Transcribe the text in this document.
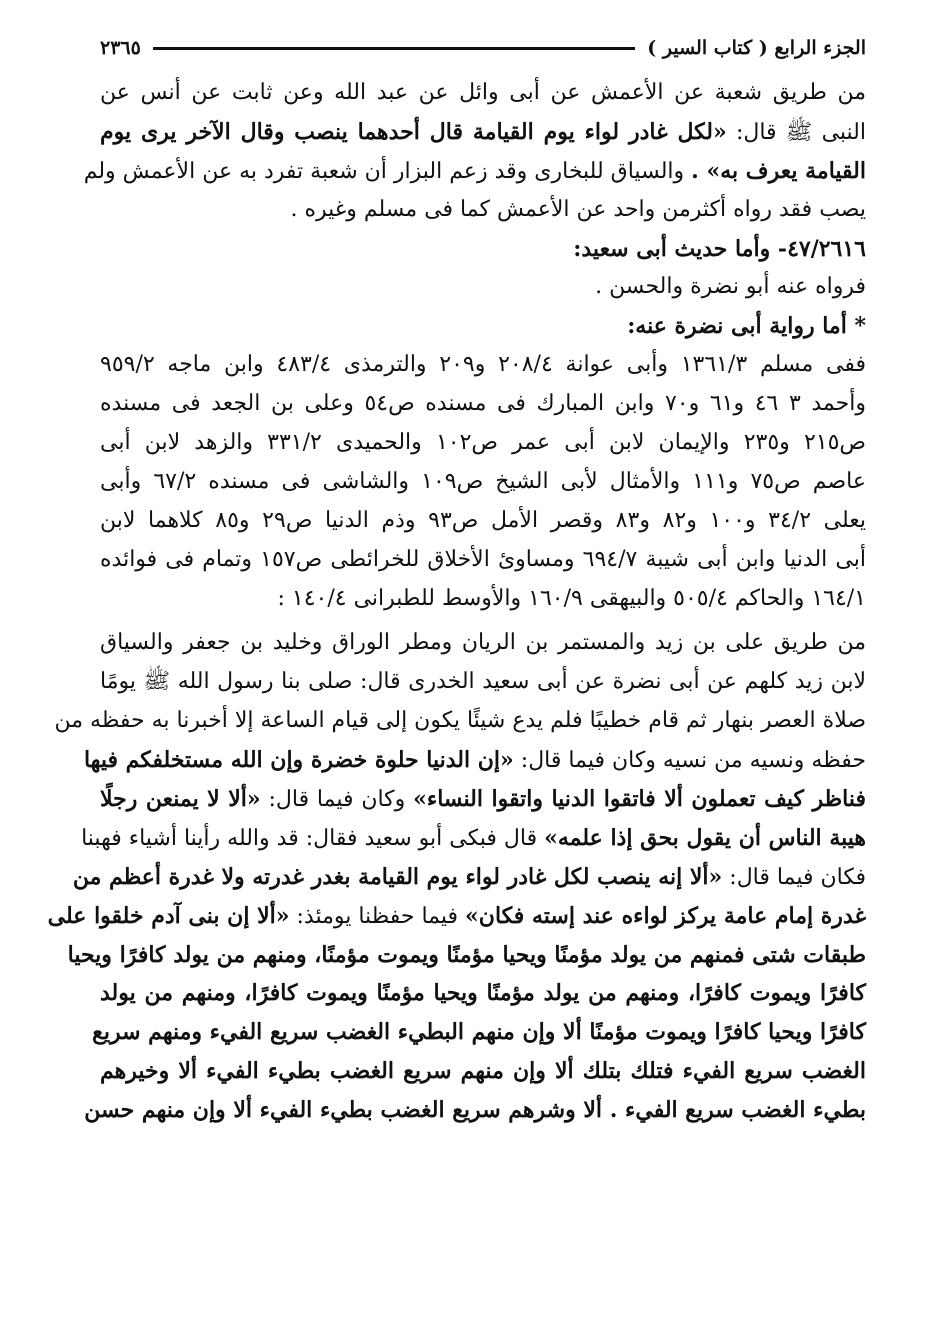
الجزء الرابع ( كتاب السير )
٢٣٦٥
من طريق شعبة عن الأعمش عن أبى وائل عن عبد الله وعن ثابت عن أنس عن
النبى ﷺ قال: «لكل غادر لواء يوم القيامة قال أحدهما ينصب وقال الآخر يرى يوم
القيامة يعرف به» . والسياق للبخارى وقد زعم البزار أن شعبة تفرد به عن الأعمش ولم
يصب فقد رواه أكثرمن واحد عن الأعمش كما فى مسلم وغيره .
٤٧/٢٦١٦- وأما حديث أبى سعيد:
فرواه عنه أبو نضرة والحسن .
* أما رواية أبى نضرة عنه:
ففى مسلم ١٣٦١/٣ وأبى عوانة ٢٠٨/٤ و٢٠٩ والترمذى ٤٨٣/٤ وابن ماجه ٩٥٩/٢
وأحمد ٣ ٤٦ و٦١ و٧٠ وابن المبارك فى مسنده ص٥٤ وعلى بن الجعد فى مسنده
ص٢١٥ و٢٣٥ والإيمان لابن أبى عمر ص١٠٢ والحميدى ٣٣١/٢ والزهد لابن أبى
عاصم ص٧٥ و١١١ والأمثال لأبى الشيخ ص١٠٩ والشاشى فى مسنده ٦٧/٢ وأبى
يعلى ٣٤/٢ و١٠٠ و٨٢ و٨٣ وقصر الأمل ص٩٣ وذم الدنيا ص٢٩ و٨٥ كلاهما لابن
أبى الدنيا وابن أبى شيبة ٦٩٤/٧ ومساوئ الأخلاق للخرائطى ص١٥٧ وتمام فى فوائده
١٦٤/١ والحاكم ٥٠٥/٤ والبيهقى ١٦٠/٩ والأوسط للطبرانى ١٤٠/٤ :
من طريق على بن زيد والمستمر بن الريان ومطر الوراق وخليد بن جعفر والسياق
لابن زيد كلهم عن أبى نضرة عن أبى سعيد الخدرى قال: صلى بنا رسول الله ﷺ يومًا
صلاة العصر بنهار ثم قام خطيبًا فلم يدع شيئًا يكون إلى قيام الساعة إلا أخبرنا به حفظه من
حفظه ونسيه من نسيه وكان فيما قال: «إن الدنيا حلوة خضرة وإن الله مستخلفكم فيها
فناظر كيف تعملون ألا فاتقوا الدنيا واتقوا النساء» وكان فيما قال: «ألا لا يمنعن رجلًا
هيبة الناس أن يقول بحق إذا علمه» قال فبكى أبو سعيد فقال: قد والله رأينا أشياء فهبنا
فكان فيما قال: «ألا إنه ينصب لكل غادر لواء يوم القيامة بغدر غدرته ولا غدرة أعظم من
غدرة إمام عامة يركز لواءه عند إسته فكان» فيما حفظنا يومئذ: «ألا إن بنى آدم خلقوا على
طبقات شتى فمنهم من يولد مؤمنًا ويحيا مؤمنًا ويموت مؤمنًا، ومنهم من يولد كافرًا ويحيا
كافرًا ويموت كافرًا، ومنهم من يولد مؤمنًا ويحيا مؤمنًا ويموت كافرًا، ومنهم من يولد
كافرًا ويحيا كافرًا ويموت مؤمنًا ألا وإن منهم البطيء الغضب سريع الفيء ومنهم سريع
الغضب سريع الفيء فتلك بتلك ألا وإن منهم سريع الغضب بطيء الفيء ألا وخيرهم
بطيء الغضب سريع الفيء . ألا وشرهم سريع الغضب بطيء الفيء ألا وإن منهم حسن
